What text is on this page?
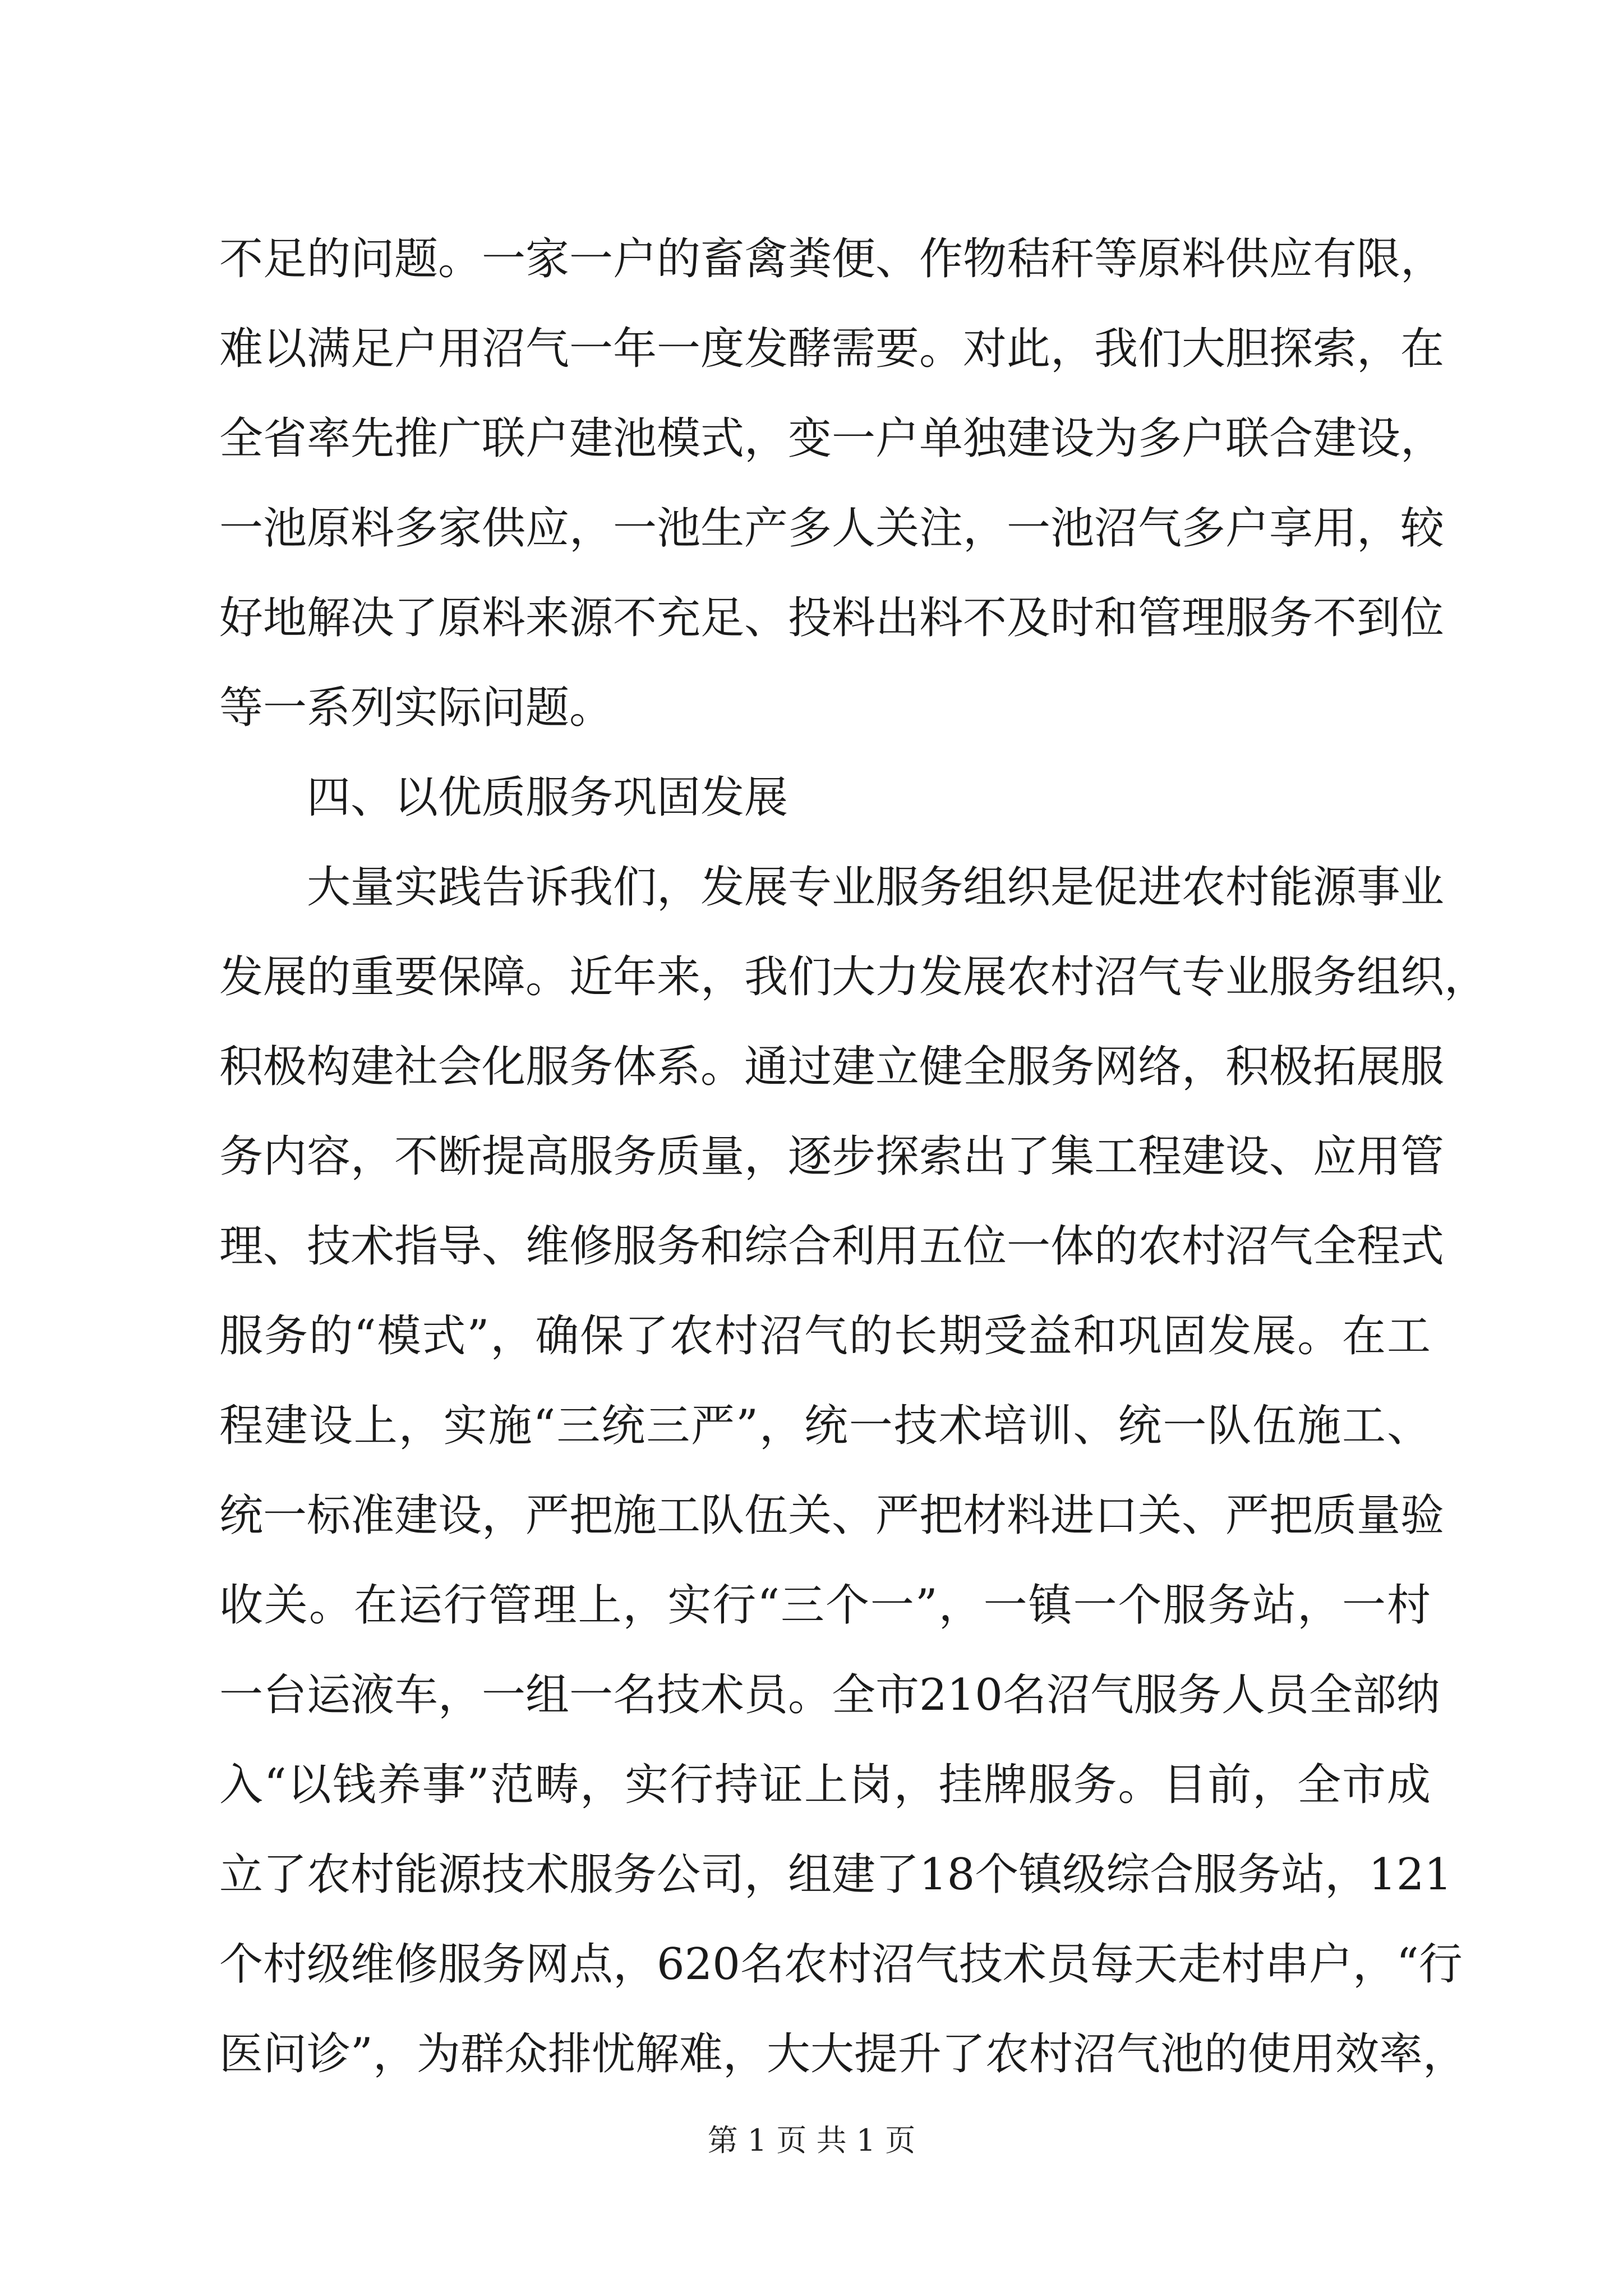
不足的问题。一家一户的畜禽粪便、作物秸秆等原料供应有限，
难以满足户用沼气一年一度发酵需要。对此，我们大胆探索，在
全省率先推广联户建池模式，变一户单独建设为多户联合建设，
一池原料多家供应，一池生产多人关注，一池沼气多户享用，较
好地解决了原料来源不充足、投料出料不及时和管理服务不到位
等一系列实际问题。
四、以优质服务巩固发展
大量实践告诉我们，发展专业服务组织是促进农村能源事业
发展的重要保障。近年来，我们大力发展农村沼气专业服务组织，
积极构建社会化服务体系。通过建立健全服务网络，积极拓展服
务内容，不断提高服务质量，逐步探索出了集工程建设、应用管
理、技术指导、维修服务和综合利用五位一体的农村沼气全程式
服务的“模式”，确保了农村沼气的长期受益和巩固发展。在工
程建设上，实施“三统三严”，统一技术培训、统一队伍施工、
统一标准建设，严把施工队伍关、严把材料进口关、严把质量验
收关。在运行管理上，实行“三个一”，一镇一个服务站，一村
一台运液车，一组一名技术员。全市210名沼气服务人员全部纳
入“以钱养事”范畴，实行持证上岗，挂牌服务。目前，全市成
立了农村能源技术服务公司，组建了18个镇级综合服务站，121
个村级维修服务网点，620名农村沼气技术员每天走村串户，“行
医问诊”，为群众排忧解难，大大提升了农村沼气池的使用效率，
第 1 页 共 1 页
